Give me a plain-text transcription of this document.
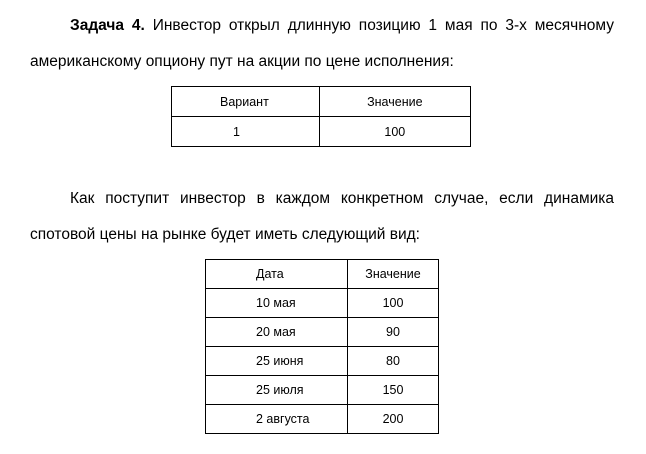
Задача 4. Инвестор открыл длинную позицию 1 мая по 3-х месячному
американскому опциону пут на акции по цене исполнения:
Вариант	Значение
1	100
Как поступит инвестор в каждом конкретном случае, если динамика
спотовой цены на рынке будет иметь следующий вид:
Дата	Значение
10 мая	100
20 мая	90
25 июня	80
25 июля	150
2 августа	200
